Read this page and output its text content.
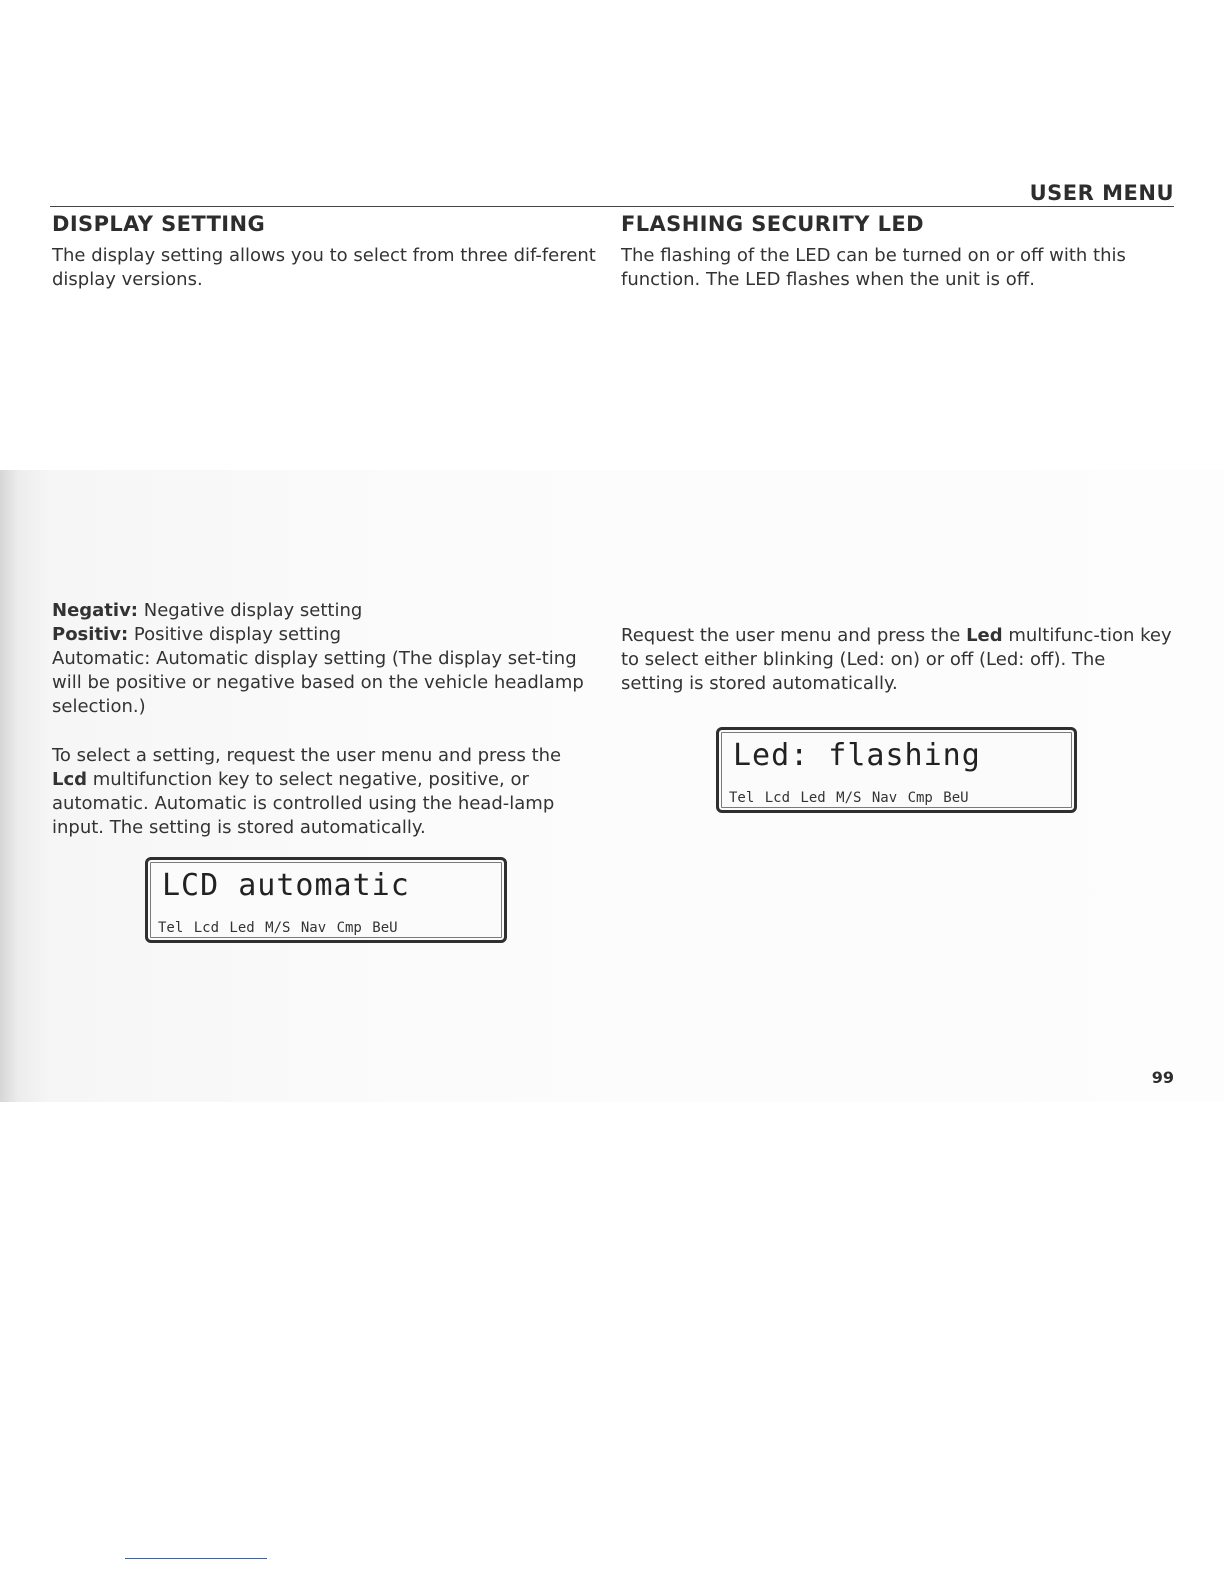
USER MENU
DISPLAY SETTING

The display setting allows you to select from three dif-ferent display versions.

Negativ: Negative display setting

Positiv: Positive display setting

Automatic: Automatic display setting (The display set-ting will be positive or negative based on the vehicle headlamp selection.)

To select a setting, request the user menu and press the Lcd multifunction key to select negative, positive, or automatic. Automatic is controlled using the head-lamp input. The setting is stored automatically.

LCD automatic
Tel Lcd Led M/S Nav Cmp BeU
FLASHING SECURITY LED

The flashing of the LED can be turned on or off with this function. The LED flashes when the unit is off.

Request the user menu and press the Led multifunc-tion key to select either blinking (Led: on) or off (Led: off). The setting is stored automatically.

Led: flashing
Tel Lcd Led M/S Nav Cmp BeU
99
